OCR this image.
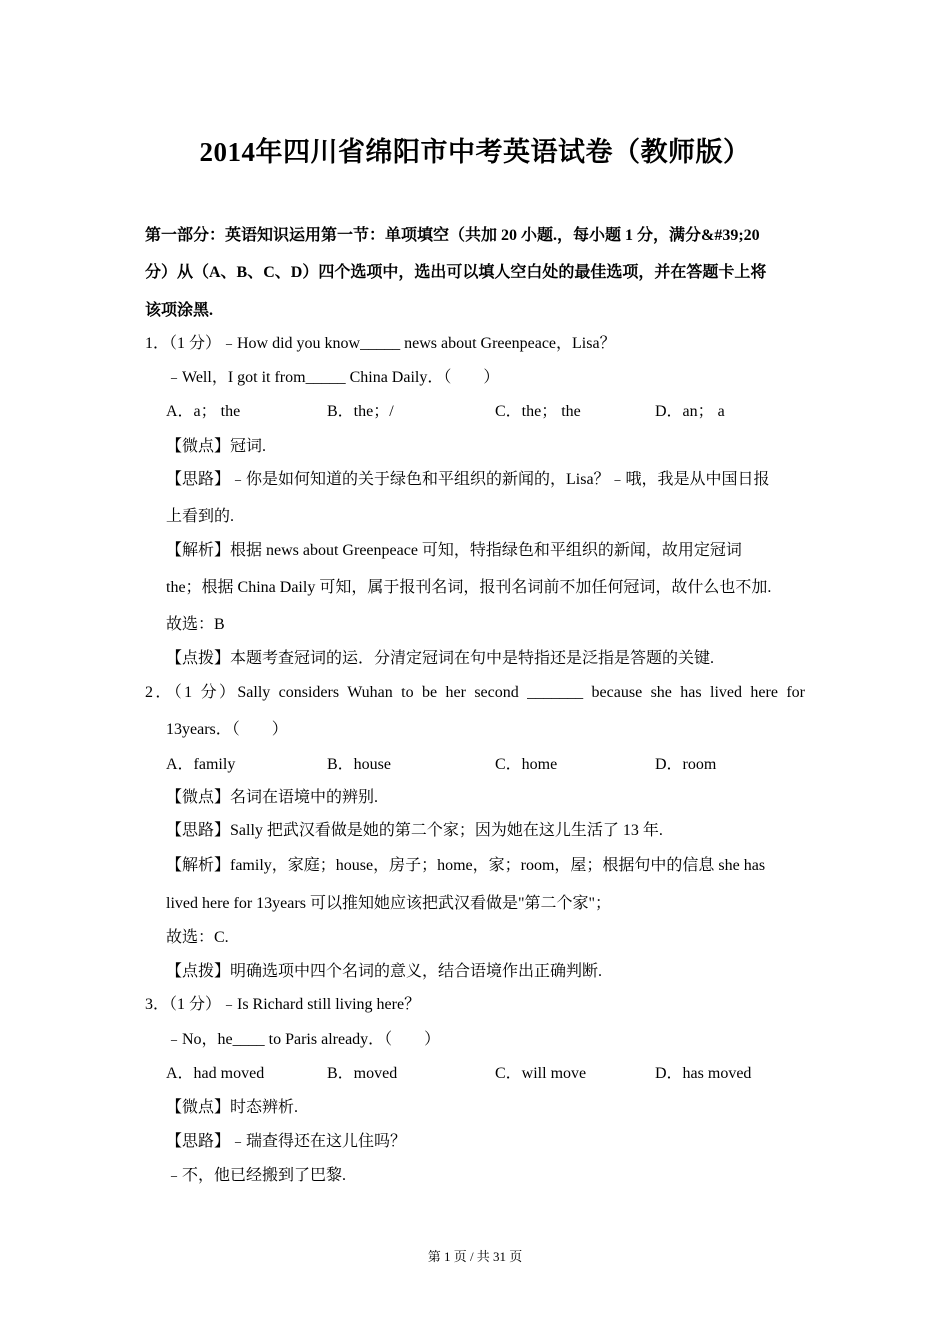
2014年四川省绵阳市中考英语试卷（教师版）
第一部分：英语知识运用第一节：单项填空（共加 20 小题.，每小题 1 分，满分&#39;20
分）从（A、B、C、D）四个选项中，选出可以填人空白处的最佳选项，并在答题卡上将
该项涂黑.
1．（1 分）﹣How did you know_____ news about Greenpeace，Lisa？
﹣Well，I got it from_____ China Daily．（　　）
A．a； the	B．the；/	C．the； the	D．an； a
【微点】冠词.
【思路】﹣你是如何知道的关于绿色和平组织的新闻的，Lisa？﹣哦，我是从中国日报
上看到的.
【解析】根据 news about Greenpeace 可知，特指绿色和平组织的新闻，故用定冠词
the；根据 China Daily 可知，属于报刊名词，报刊名词前不加任何冠词，故什么也不加.
故选：B
【点拨】本题考查冠词的运．分清定冠词在句中是特指还是泛指是答题的关键.
2．（1 分）Sally considers Wuhan to be her second _______ because she has lived here for
13years．（　　）
A．family	B．house	C．home	D．room
【微点】名词在语境中的辨别.
【思路】Sally 把武汉看做是她的第二个家；因为她在这儿生活了 13 年.
【解析】family，家庭；house，房子；home，家；room，屋；根据句中的信息 she has
lived here for 13years 可以推知她应该把武汉看做是"第二个家"；
故选：C.
【点拨】明确选项中四个名词的意义，结合语境作出正确判断.
3．（1 分）﹣Is Richard still living here？
﹣No，he____ to Paris already．（　　）
A．had moved	B．moved	C．will move	D．has moved
【微点】时态辨析.
【思路】﹣瑞查得还在这儿住吗？
﹣不，他已经搬到了巴黎.
第 1 页 / 共 31 页
